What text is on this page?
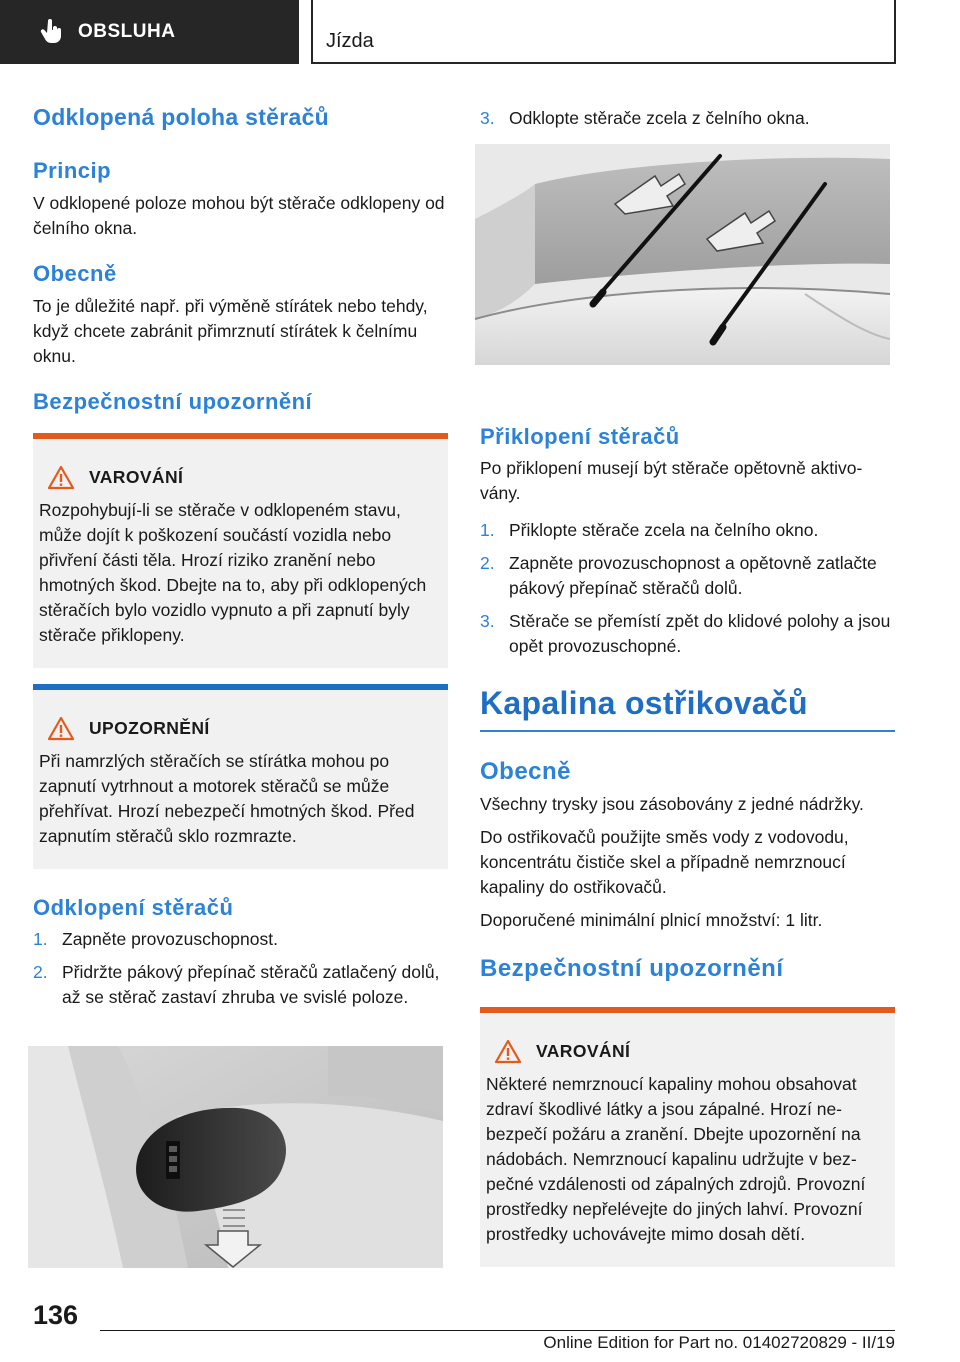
OBSLUHA	Jízda
Odklopená poloha stěračů
Princip

V odklopené poloze mohou být stěrače odklopeny od čelního okna.

Obecně

To je důležité např. při výměně stírátek nebo tehdy, když chcete zabránit přimrznutí stírátek k čelnímu oknu.

Bezpečnostní upozornění
VAROVÁNÍ

Rozpohybují-li se stěrače v odklopeném stavu, může dojít k poškození součástí vozidla nebo přivření části těla. Hrozí riziko zranění nebo hmotných škod. Dbejte na to, aby při odklopených stěračích bylo vozidlo vypnuto a při zapnutí byly stěrače přiklopeny.

UPOZORNĚNÍ

Při namrzlých stěračích se stírátka mohou po zapnutí vytrhnout a motorek stěračů se může přehřívat. Hrozí nebezpečí hmotných škod. Před zapnutím stěračů sklo rozmrazte.

Odklopení stěračů
1. Zapněte provozuschopnost.
2. Přidržte pákový přepínač stěračů zatlačený dolů, až se stěrač zastaví zhruba ve svislé poloze.
3. Odklopte stěrače zcela z čelního okna.
Přiklopení stěračů

Po přiklopení musejí být stěrače opětovně aktivovány.

1. Přiklopte stěrače zcela na čelního okno.
2. Zapněte provozuschopnost a opětovně zatlačte pákový přepínač stěračů dolů.
3. Stěrače se přemístí zpět do klidové polohy a jsou opět provozuschopné.
Kapalina ostřikovačů
Obecně

Všechny trysky jsou zásobovány z jedné nádržky.

Do ostřikovačů použijte směs vody z vodovodu, koncentrátu čističe skel a případně nemrznoucí kapaliny do ostřikovačů.

Doporučené minimální plnicí množství: 1 litr.

Bezpečnostní upozornění
VAROVÁNÍ

Některé nemrznoucí kapaliny mohou obsahovat zdraví škodlivé látky a jsou zápalné. Hrozí nebezpečí požáru a zranění. Dbejte upozornění na nádobách. Nemrznoucí kapalinu udržujte v bezpečné vzdálenosti od zápalných zdrojů. Provozní prostředky nepřelévejte do jiných lahví. Provozní prostředky uchovávejte mimo dosah dětí.

136
Online Edition for Part no. 01402720829 - II/19
